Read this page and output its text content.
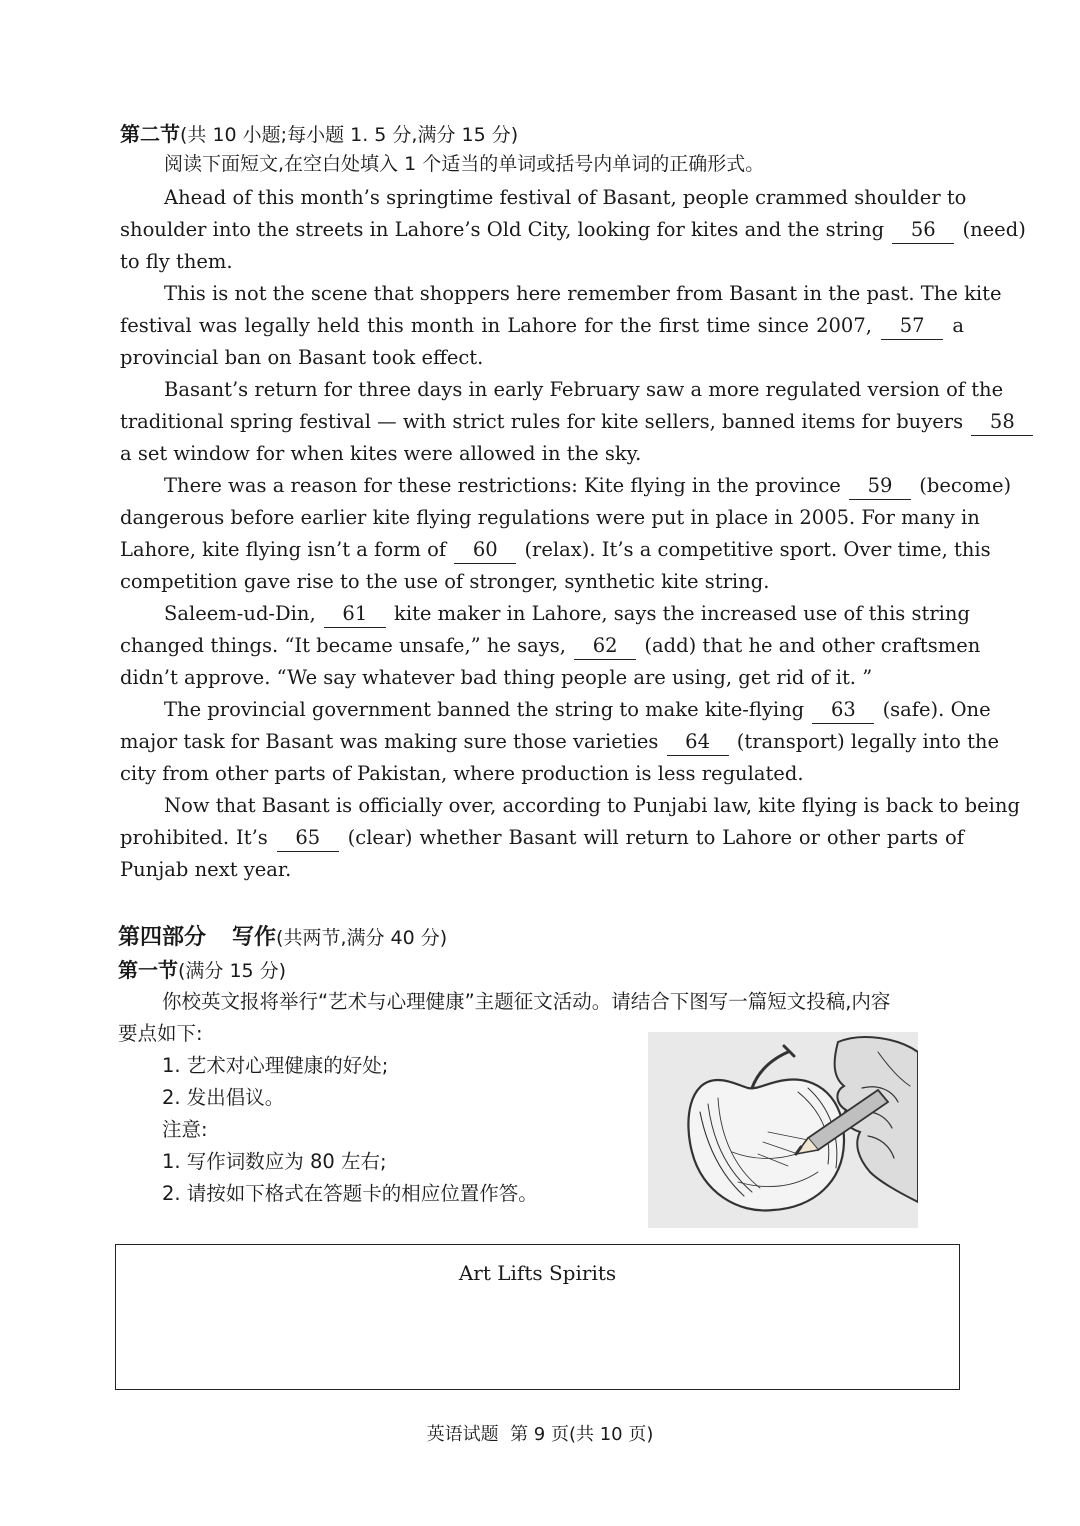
第二节(共 10 小题;每小题 1. 5 分,满分 15 分)
阅读下面短文,在空白处填入 1 个适当的单词或括号内单词的正确形式。
Ahead of this month’s springtime festival of Basant, people crammed shoulder to
shoulder into the streets in Lahore’s Old City, looking for kites and the string 56 (need)
to fly them.
This is not the scene that shoppers here remember from Basant in the past. The kite
festival was legally held this month in Lahore for the first time since 2007, 57 a
provincial ban on Basant took effect.
Basant’s return for three days in early February saw a more regulated version of the
traditional spring festival — with strict rules for kite sellers, banned items for buyers 58
a set window for when kites were allowed in the sky.
There was a reason for these restrictions: Kite flying in the province 59 (become)
dangerous before earlier kite flying regulations were put in place in 2005. For many in
Lahore, kite flying isn’t a form of 60 (relax). It’s a competitive sport. Over time, this
competition gave rise to the use of stronger, synthetic kite string.
Saleem-ud-Din, 61 kite maker in Lahore, says the increased use of this string
changed things. “It became unsafe,” he says, 62 (add) that he and other craftsmen
didn’t approve. “We say whatever bad thing people are using, get rid of it. ”
The provincial government banned the string to make kite-flying 63 (safe). One
major task for Basant was making sure those varieties 64 (transport) legally into the
city from other parts of Pakistan, where production is less regulated.
Now that Basant is officially over, according to Punjabi law, kite flying is back to being
prohibited. It’s 65 (clear) whether Basant will return to Lahore or other parts of
Punjab next year.
第四部分 写作(共两节,满分 40 分)
第一节(满分 15 分)
你校英文报将举行“艺术与心理健康”主题征文活动。请结合下图写一篇短文投稿,内容
要点如下:
1. 艺术对心理健康的好处;
2. 发出倡议。
注意:
1. 写作词数应为 80 左右;
2. 请按如下格式在答题卡的相应位置作答。
Art Lifts Spirits
英语试题  第 9 页(共 10 页)
